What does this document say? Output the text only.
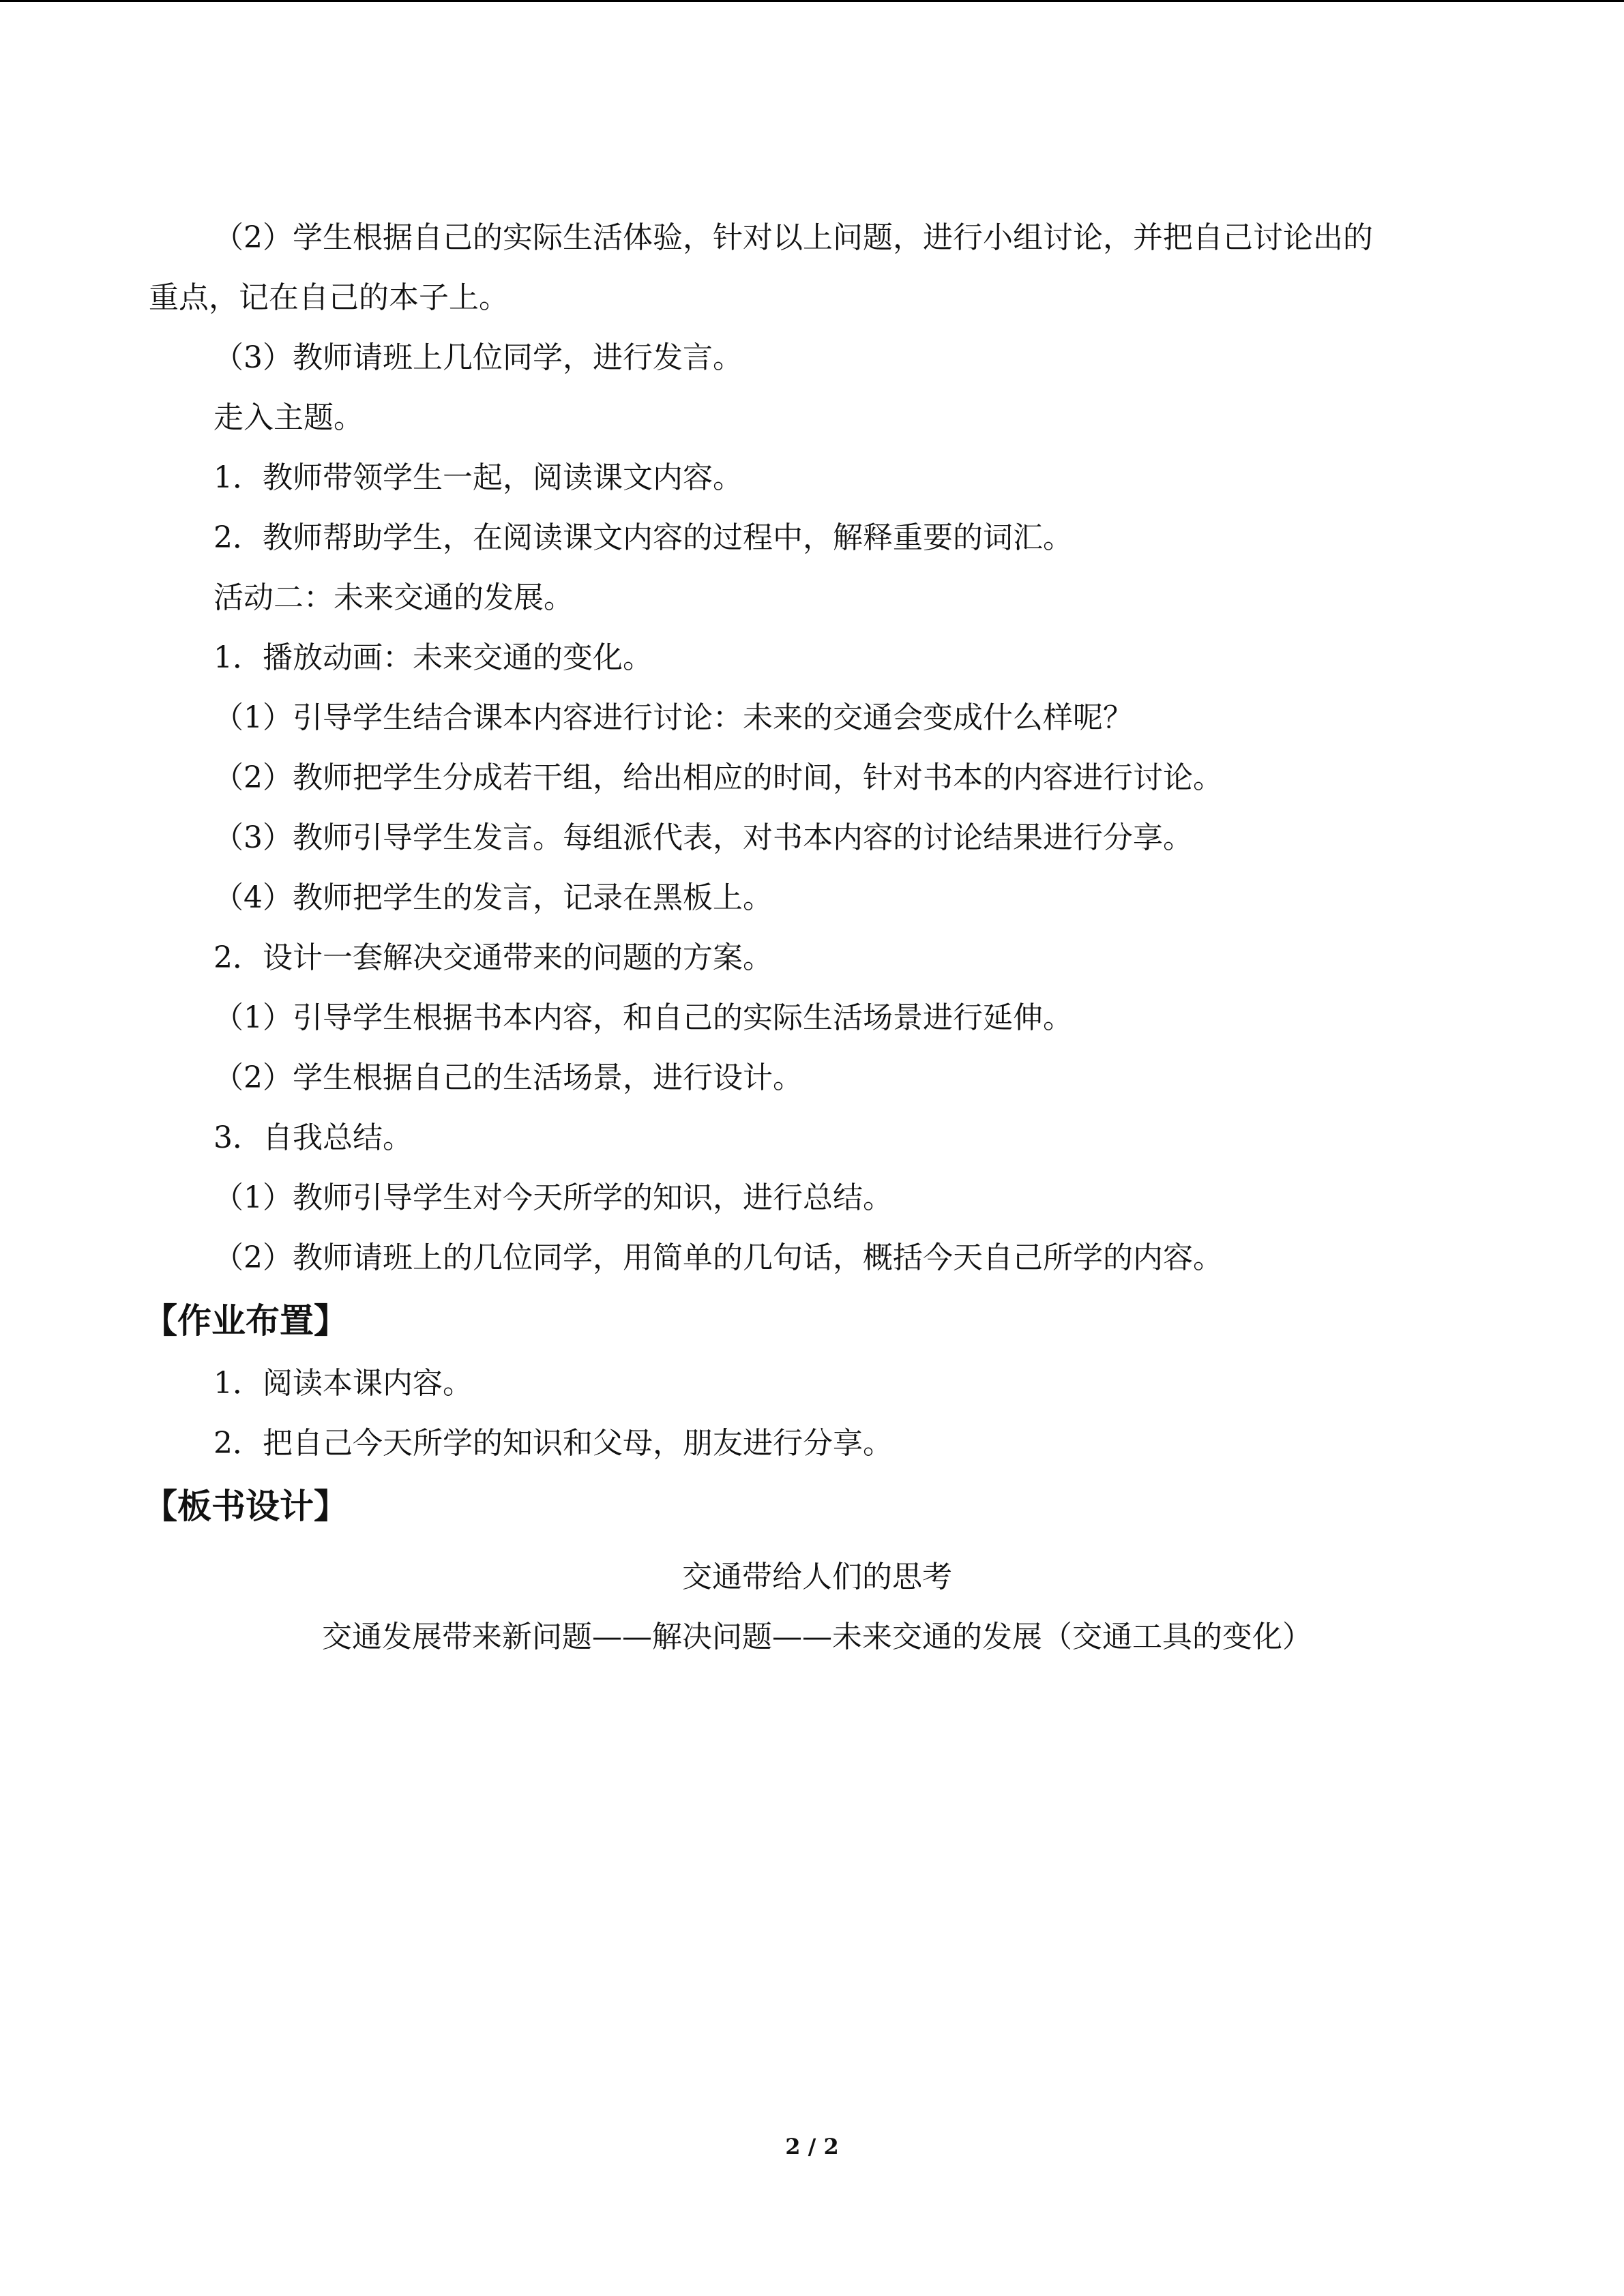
（2）学生根据自己的实际生活体验，针对以上问题，进行小组讨论，并把自己讨论出的
重点，记在自己的本子上。
（3）教师请班上几位同学，进行发言。
走入主题。
1．教师带领学生一起，阅读课文内容。
2．教师帮助学生，在阅读课文内容的过程中，解释重要的词汇。
活动二：未来交通的发展。
1．播放动画：未来交通的变化。
（1）引导学生结合课本内容进行讨论：未来的交通会变成什么样呢？
（2）教师把学生分成若干组，给出相应的时间，针对书本的内容进行讨论。
（3）教师引导学生发言。每组派代表，对书本内容的讨论结果进行分享。
（4）教师把学生的发言，记录在黑板上。
2．设计一套解决交通带来的问题的方案。
（1）引导学生根据书本内容，和自己的实际生活场景进行延伸。
（2）学生根据自己的生活场景，进行设计。
3．自我总结。
（1）教师引导学生对今天所学的知识，进行总结。
（2）教师请班上的几位同学，用简单的几句话，概括今天自己所学的内容。
【作业布置】
1．阅读本课内容。
2．把自己今天所学的知识和父母，朋友进行分享。
【板书设计】
交通带给人们的思考
交通发展带来新问题——解决问题——未来交通的发展（交通工具的变化）
2 / 2
